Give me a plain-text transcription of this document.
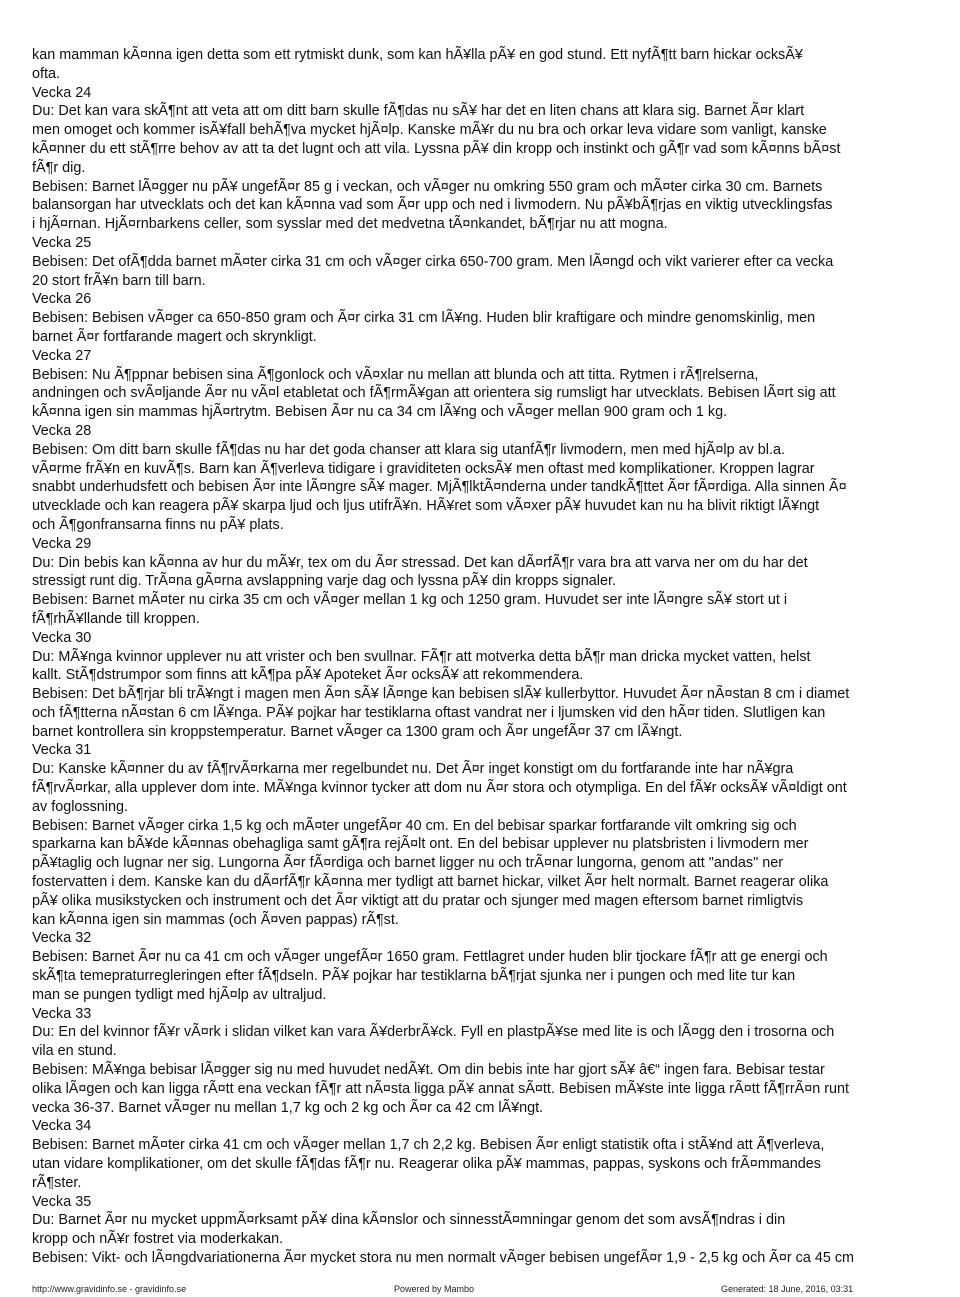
kan mamman kÃ¤nna igen detta som ett rytmiskt dunk, som kan hÃ¥lla pÃ¥ en god stund. Ett nyfÃ¶tt barn hickar ocksÃ¥
ofta.
Vecka 24
Du: Det kan vara skÃ¶nt att veta att om ditt barn skulle fÃ¶das nu sÃ¥ har det en liten chans att klara sig. Barnet Ã¤r klart
men omoget och kommer isÃ¥fall behÃ¶va mycket hjÃ¤lp. Kanske mÃ¥r du nu bra och orkar leva vidare som vanligt, kanske
kÃ¤nner du ett stÃ¶rre behov av att ta det lugnt och att vila. Lyssna pÃ¥ din kropp och instinkt och gÃ¶r vad som kÃ¤nns bÃ¤st
fÃ¶r dig.
Bebisen: Barnet lÃ¤gger nu pÃ¥ ungefÃ¤r 85 g i veckan, och vÃ¤ger nu omkring 550 gram och mÃ¤ter cirka 30 cm. Barnets
balansorgan har utvecklats och det kan kÃ¤nna vad som Ã¤r upp och ned i livmodern. Nu pÃ¥bÃ¶rjas en viktig utvecklingsfas
i hjÃ¤rnan. HjÃ¤rnbarkens celler, som sysslar med det medvetna tÃ¤nkandet, bÃ¶rjar nu att mogna.
Vecka 25
Bebisen: Det ofÃ¶dda barnet mÃ¤ter cirka 31 cm och vÃ¤ger cirka 650-700 gram. Men lÃ¤ngd och vikt varierer efter ca vecka
20 stort frÃ¥n barn till barn.
Vecka 26
Bebisen: Bebisen vÃ¤ger ca 650-850 gram och Ã¤r cirka 31 cm lÃ¥ng. Huden blir kraftigare och mindre genomskinlig, men
barnet Ã¤r fortfarande magert och skrynkligt.
Vecka 27
Bebisen: Nu Ã¶ppnar bebisen sina Ã¶gonlock och vÃ¤xlar nu mellan att blunda och att titta. Rytmen i rÃ¶relserna,
andningen och svÃ¤ljande Ã¤r nu vÃ¤l etabletat och fÃ¶rmÃ¥gan att orientera sig rumsligt har utvecklats. Bebisen lÃ¤rt sig att
kÃ¤nna igen sin mammas hjÃ¤rtrytm. Bebisen Ã¤r nu ca 34 cm lÃ¥ng och vÃ¤ger mellan 900 gram och 1 kg.
Vecka 28
Bebisen: Om ditt barn skulle fÃ¶das nu har det goda chanser att klara sig utanfÃ¶r livmodern, men med hjÃ¤lp av bl.a.
vÃ¤rme frÃ¥n en kuvÃ¶s. Barn kan Ã¶verleva tidigare i graviditeten ocksÃ¥ men oftast med komplikationer. Kroppen lagrar
snabbt underhudsfett och bebisen Ã¤r inte lÃ¤ngre sÃ¥ mager. MjÃ¶lktÃ¤nderna under tandkÃ¶ttet Ã¤r fÃ¤rdiga. Alla sinnen Ã¤
utvecklade och kan reagera pÃ¥ skarpa ljud och ljus utifrÃ¥n. HÃ¥ret som vÃ¤xer pÃ¥ huvudet kan nu ha blivit riktigt lÃ¥ngt
och Ã¶gonfransarna finns nu pÃ¥ plats.
Vecka 29
Du: Din bebis kan kÃ¤nna av hur du mÃ¥r, tex om du Ã¤r stressad. Det kan dÃ¤rfÃ¶r vara bra att varva ner om du har det
stressigt runt dig. TrÃ¤na gÃ¤rna avslappning varje dag och lyssna pÃ¥ din kropps signaler.
Bebisen: Barnet mÃ¤ter nu cirka 35 cm och vÃ¤ger mellan 1 kg och 1250 gram. Huvudet ser inte lÃ¤ngre sÃ¥ stort ut i
fÃ¶rhÃ¥llande till kroppen.
Vecka 30
Du: MÃ¥nga kvinnor upplever nu att vrister och ben svullnar. FÃ¶r att motverka detta bÃ¶r man dricka mycket vatten, helst
kallt. StÃ¶dstrumpor som finns att kÃ¶pa pÃ¥ Apoteket Ã¤r ocksÃ¥ att rekommendera.
Bebisen: Det bÃ¶rjar bli trÃ¥ngt i magen men Ã¤n sÃ¥ lÃ¤nge kan bebisen slÃ¥ kullerbyttor. Huvudet Ã¤r nÃ¤stan 8 cm i diamet
och fÃ¶tterna nÃ¤stan 6 cm lÃ¥nga. PÃ¥ pojkar har testiklarna oftast vandrat ner i ljumsken vid den hÃ¤r tiden. Slutligen kan
barnet kontrollera sin kroppstemperatur. Barnet vÃ¤ger ca 1300 gram och Ã¤r ungefÃ¤r 37 cm lÃ¥ngt.
Vecka 31
Du: Kanske kÃ¤nner du av fÃ¶rvÃ¤rkarna mer regelbundet nu. Det Ã¤r inget konstigt om du fortfarande inte har nÃ¥gra
fÃ¶rvÃ¤rkar, alla upplever dom inte. MÃ¥nga kvinnor tycker att dom nu Ã¤r stora och otympliga. En del fÃ¥r ocksÃ¥ vÃ¤ldigt ont
av foglossning.
Bebisen: Barnet vÃ¤ger cirka 1,5 kg och mÃ¤ter ungefÃ¤r 40 cm. En del bebisar sparkar fortfarande vilt omkring sig och
sparkarna kan bÃ¥de kÃ¤nnas obehagliga samt gÃ¶ra rejÃ¤lt ont. En del bebisar upplever nu platsbristen i livmodern mer
pÃ¥taglig och lugnar ner sig. Lungorna Ã¤r fÃ¤rdiga och barnet ligger nu och trÃ¤nar lungorna, genom att "andas" ner
fostervatten i dem. Kanske kan du dÃ¤rfÃ¶r kÃ¤nna mer tydligt att barnet hickar, vilket Ã¤r helt normalt. Barnet reagerar olika
pÃ¥ olika musikstycken och instrument och det Ã¤r viktigt att du pratar och sjunger med magen eftersom barnet rimligtvis
kan kÃ¤nna igen sin mammas (och Ã¤ven pappas) rÃ¶st.
Vecka 32
Bebisen: Barnet Ã¤r nu ca 41 cm och vÃ¤ger ungefÃ¤r 1650 gram. Fettlagret under huden blir tjockare fÃ¶r att ge energi och
skÃ¶ta temepraturregleringen efter fÃ¶dseln. PÃ¥ pojkar har testiklarna bÃ¶rjat sjunka ner i pungen och med lite tur kan
man se pungen tydligt med hjÃ¤lp av ultraljud.
Vecka 33
Du: En del kvinnor fÃ¥r vÃ¤rk i slidan vilket kan vara Ã¥derbrÃ¥ck. Fyll en plastpÃ¥se med lite is och lÃ¤gg den i trosorna och
vila en stund.
Bebisen: MÃ¥nga bebisar lÃ¤gger sig nu med huvudet nedÃ¥t. Om din bebis inte har gjort sÃ¥ â€“ ingen fara. Bebisar testar
olika lÃ¤gen och kan ligga rÃ¤tt ena veckan fÃ¶r att nÃ¤sta ligga pÃ¥ annat sÃ¤tt. Bebisen mÃ¥ste inte ligga rÃ¤tt fÃ¶rrÃ¤n runt
vecka 36-37. Barnet vÃ¤ger nu mellan 1,7 kg och 2 kg och Ã¤r ca 42 cm lÃ¥ngt.
Vecka 34
Bebisen: Barnet mÃ¤ter cirka 41 cm och vÃ¤ger mellan 1,7 ch 2,2 kg. Bebisen Ã¤r enligt statistik ofta i stÃ¥nd att Ã¶verleva,
utan vidare komplikationer, om det skulle fÃ¶das fÃ¶r nu. Reagerar olika pÃ¥ mammas, pappas, syskons och frÃ¤mmandes
rÃ¶ster.
Vecka 35
Du: Barnet Ã¤r nu mycket uppmÃ¤rksamt pÃ¥ dina kÃ¤nslor och sinnesstÃ¤mningar genom det som avsÃ¶ndras i din
kropp och nÃ¥r fostret via moderkakan.
Bebisen: Vikt- och lÃ¤ngdvariationerna Ã¤r mycket stora nu men normalt vÃ¤ger bebisen ungefÃ¤r 1,9 - 2,5 kg och Ã¤r ca 45 cm
http://www.gravidinfo.se - gravidinfo.se	Powered by Mambo	Generated: 18 June, 2016, 03:31
